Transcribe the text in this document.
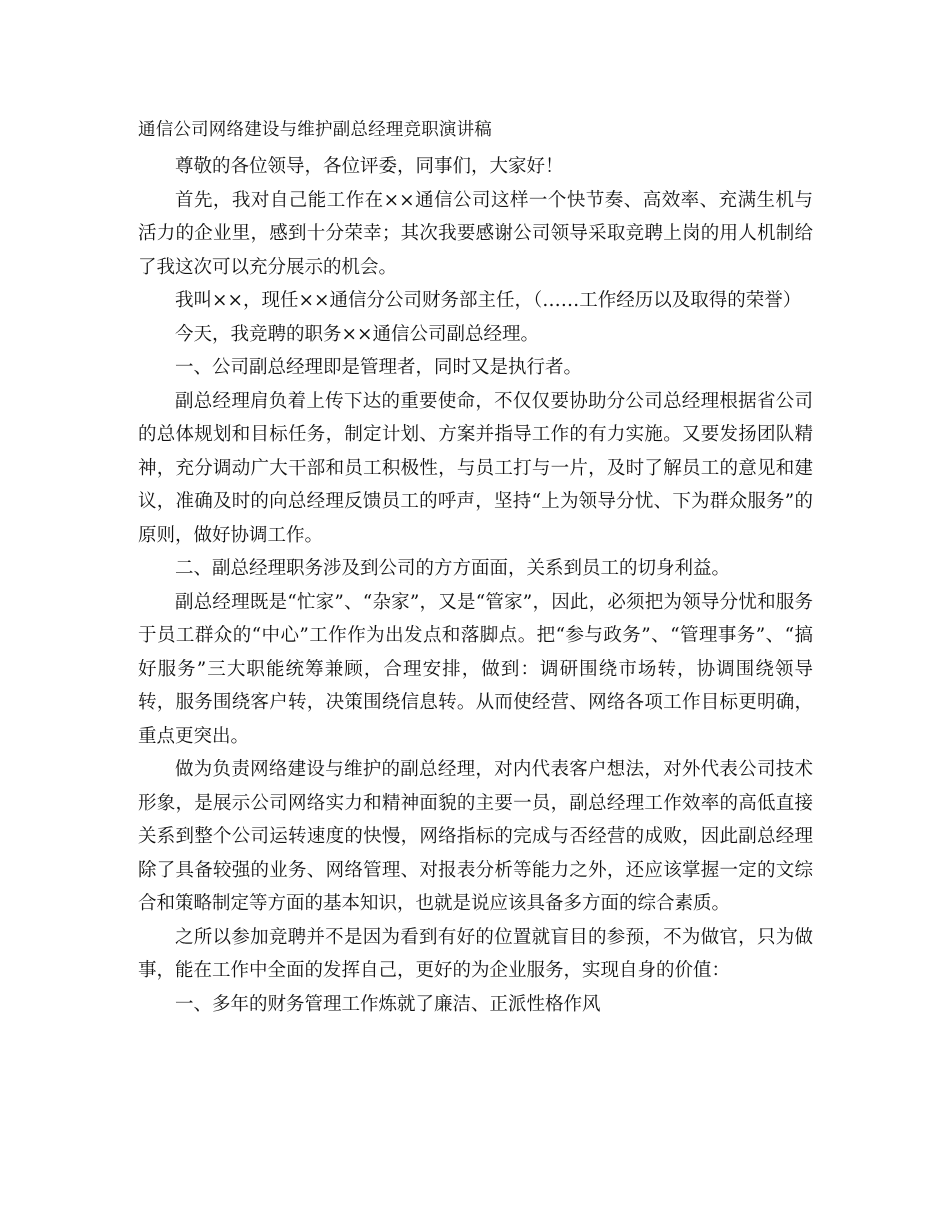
通信公司网络建设与维护副总经理竞职演讲稿

尊敬的各位领导，各位评委，同事们，大家好！

首先，我对自己能工作在××通信公司这样一个快节奏、高效率、充满生机与活力的企业里，感到十分荣幸；其次我要感谢公司领导采取竞聘上岗的用人机制给了我这次可以充分展示的机会。

我叫××，现任××通信分公司财务部主任，（……工作经历以及取得的荣誉）

今天，我竞聘的职务××通信公司副总经理。

一、公司副总经理即是管理者，同时又是执行者。

副总经理肩负着上传下达的重要使命，不仅仅要协助分公司总经理根据省公司的总体规划和目标任务，制定计划、方案并指导工作的有力实施。又要发扬团队精神，充分调动广大干部和员工积极性，与员工打与一片，及时了解员工的意见和建议，准确及时的向总经理反馈员工的呼声，坚持“上为领导分忧、下为群众服务”的原则，做好协调工作。

二、副总经理职务涉及到公司的方方面面，关系到员工的切身利益。

副总经理既是“忙家”、“杂家”，又是“管家”，因此，必须把为领导分忧和服务于员工群众的“中心”工作作为出发点和落脚点。把“参与政务”、“管理事务”、“搞好服务”三大职能统筹兼顾，合理安排，做到：调研围绕市场转，协调围绕领导转，服务围绕客户转，决策围绕信息转。从而使经营、网络各项工作目标更明确，重点更突出。

做为负责网络建设与维护的副总经理，对内代表客户想法，对外代表公司技术形象，是展示公司网络实力和精神面貌的主要一员，副总经理工作效率的高低直接关系到整个公司运转速度的快慢，网络指标的完成与否经营的成败，因此副总经理除了具备较强的业务、网络管理、对报表分析等能力之外，还应该掌握一定的文综合和策略制定等方面的基本知识，也就是说应该具备多方面的综合素质。

之所以参加竞聘并不是因为看到有好的位置就盲目的参预，不为做官，只为做事，能在工作中全面的发挥自己，更好的为企业服务，实现自身的价值：

一、多年的财务管理工作炼就了廉洁、正派性格作风
